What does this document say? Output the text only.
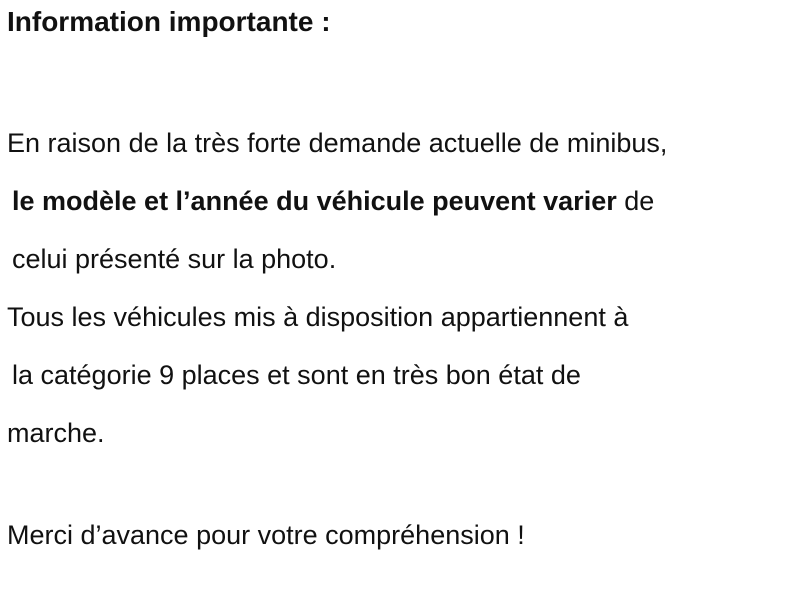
Information importante :
En raison de la très forte demande actuelle de minibus,
le modèle et l’année du véhicule peuvent varier de
celui présenté sur la photo.
Tous les véhicules mis à disposition appartiennent à
la catégorie 9 places et sont en très bon état de
marche.
Merci d’avance pour votre compréhension !
